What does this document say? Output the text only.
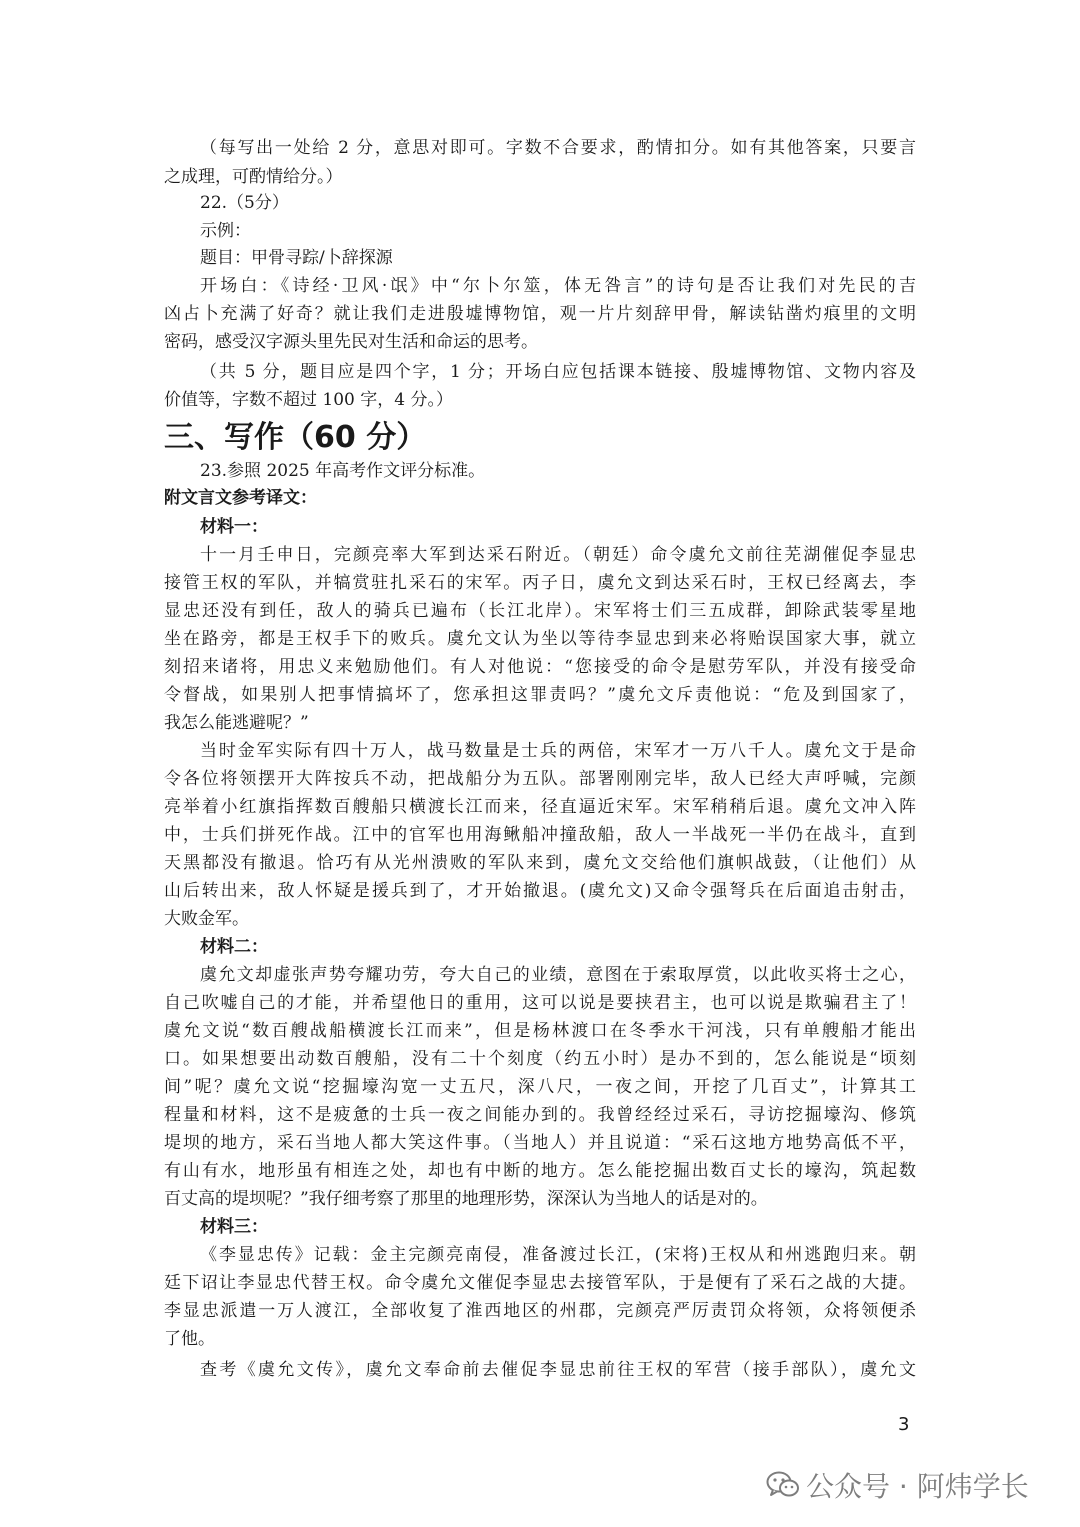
（每写出一处给 2 分，意思对即可。字数不合要求，酌情扣分。如有其他答案，只要言
之成理，可酌情给分。）
22.（5分）
示例：
题目：甲骨寻踪/卜辞探源
开场白：《诗经·卫风·氓》中“尔卜尔筮，体无咎言”的诗句是否让我们对先民的吉
凶占卜充满了好奇？就让我们走进殷墟博物馆，观一片片刻辞甲骨，解读钻凿灼痕里的文明
密码，感受汉字源头里先民对生活和命运的思考。
（共 5 分，题目应是四个字，1 分；开场白应包括课本链接、殷墟博物馆、文物内容及
价值等，字数不超过 100 字，4 分。）
三、写作（60 分）
23.参照 2025 年高考作文评分标准。
附文言文参考译文：
材料一：
十一月壬申日，完颜亮率大军到达采石附近。（朝廷）命令虞允文前往芜湖催促李显忠
接管王权的军队，并犒赏驻扎采石的宋军。丙子日，虞允文到达采石时，王权已经离去，李
显忠还没有到任，敌人的骑兵已遍布（长江北岸）。宋军将士们三五成群，卸除武装零星地
坐在路旁，都是王权手下的败兵。虞允文认为坐以等待李显忠到来必将贻误国家大事，就立
刻招来诸将，用忠义来勉励他们。有人对他说：“您接受的命令是慰劳军队，并没有接受命
令督战，如果别人把事情搞坏了，您承担这罪责吗？”虞允文斥责他说：“危及到国家了，
我怎么能逃避呢？”
当时金军实际有四十万人，战马数量是士兵的两倍，宋军才一万八千人。虞允文于是命
令各位将领摆开大阵按兵不动，把战船分为五队。部署刚刚完毕，敌人已经大声呼喊，完颜
亮举着小红旗指挥数百艘船只横渡长江而来，径直逼近宋军。宋军稍稍后退。虞允文冲入阵
中，士兵们拼死作战。江中的官军也用海鳅船冲撞敌船，敌人一半战死一半仍在战斗，直到
天黑都没有撤退。恰巧有从光州溃败的军队来到，虞允文交给他们旗帜战鼓，（让他们）从
山后转出来，敌人怀疑是援兵到了，才开始撤退。(虞允文)又命令强弩兵在后面追击射击，
大败金军。
材料二：
虞允文却虚张声势夸耀功劳，夸大自己的业绩，意图在于索取厚赏，以此收买将士之心，
自己吹嘘自己的才能，并希望他日的重用，这可以说是要挟君主，也可以说是欺骗君主了！
虞允文说“数百艘战船横渡长江而来”，但是杨林渡口在冬季水干河浅，只有单艘船才能出
口。如果想要出动数百艘船，没有二十个刻度（约五小时）是办不到的，怎么能说是“顷刻
间”呢？虞允文说“挖掘壕沟宽一丈五尺，深八尺，一夜之间，开挖了几百丈”，计算其工
程量和材料，这不是疲惫的士兵一夜之间能办到的。我曾经经过采石，寻访挖掘壕沟、修筑
堤坝的地方，采石当地人都大笑这件事。（当地人）并且说道：“采石这地方地势高低不平，
有山有水，地形虽有相连之处，却也有中断的地方。怎么能挖掘出数百丈长的壕沟，筑起数
百丈高的堤坝呢？”我仔细考察了那里的地理形势，深深认为当地人的话是对的。
材料三：
《李显忠传》记载：金主完颜亮南侵，准备渡过长江，(宋将)王权从和州逃跑归来。朝
廷下诏让李显忠代替王权。命令虞允文催促李显忠去接管军队，于是便有了采石之战的大捷。
李显忠派遣一万人渡江，全部收复了淮西地区的州郡，完颜亮严厉责罚众将领，众将领便杀
了他。
查考《虞允文传》，虞允文奉命前去催促李显忠前往王权的军营（接手部队），虞允文
3
公众号 · 阿炜学长
